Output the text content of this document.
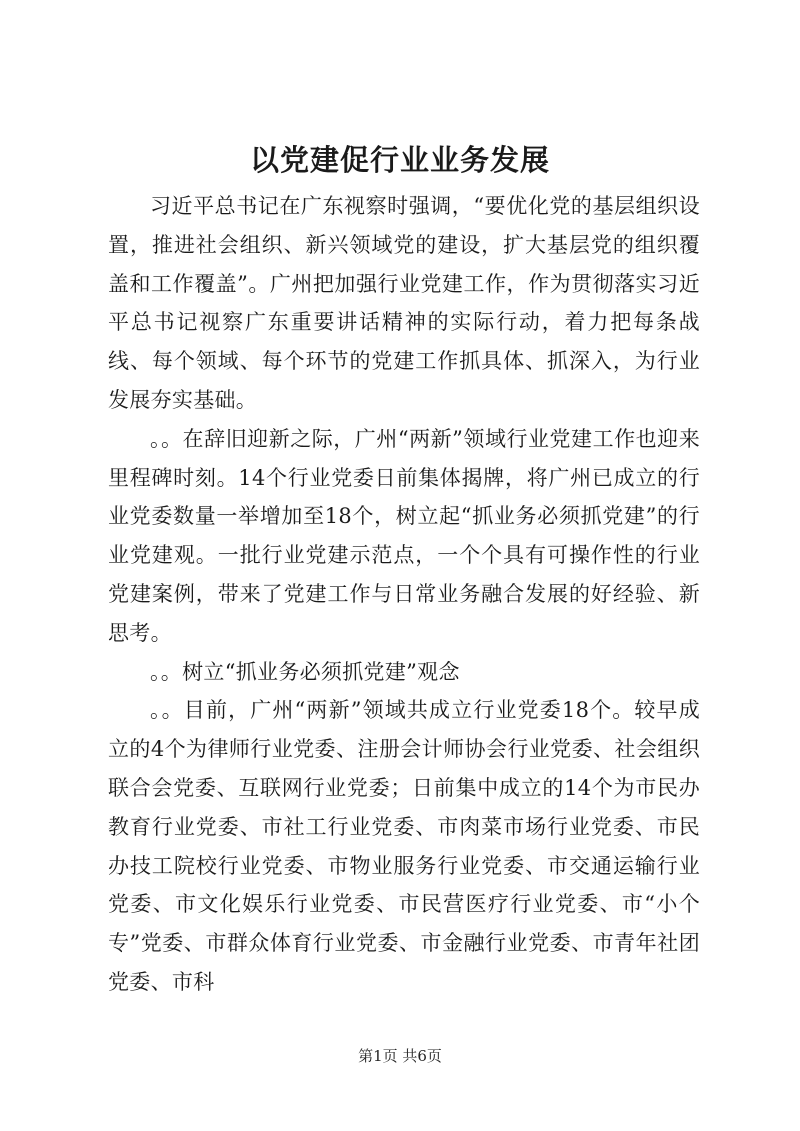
以党建促行业业务发展

习近平总书记在广东视察时强调，“要优化党的基层组织设置，推进社会组织、新兴领域党的建设，扩大基层党的组织覆盖和工作覆盖”。广州把加强行业党建工作，作为贯彻落实习近平总书记视察广东重要讲话精神的实际行动，着力把每条战线、每个领域、每个环节的党建工作抓具体、抓深入，为行业发展夯实基础。

。。在辞旧迎新之际，广州“两新”领域行业党建工作也迎来里程碑时刻。14个行业党委日前集体揭牌，将广州已成立的行业党委数量一举增加至18个，树立起“抓业务必须抓党建”的行业党建观。一批行业党建示范点，一个个具有可操作性的行业党建案例，带来了党建工作与日常业务融合发展的好经验、新思考。

。。树立“抓业务必须抓党建”观念

。。目前，广州“两新”领域共成立行业党委18个。较早成立的4个为律师行业党委、注册会计师协会行业党委、社会组织联合会党委、互联网行业党委；日前集中成立的14个为市民办教育行业党委、市社工行业党委、市肉菜市场行业党委、市民办技工院校行业党委、市物业服务行业党委、市交通运输行业党委、市文化娱乐行业党委、市民营医疗行业党委、市“小个专”党委、市群众体育行业党委、市金融行业党委、市青年社团党委、市科

第1页 共6页
